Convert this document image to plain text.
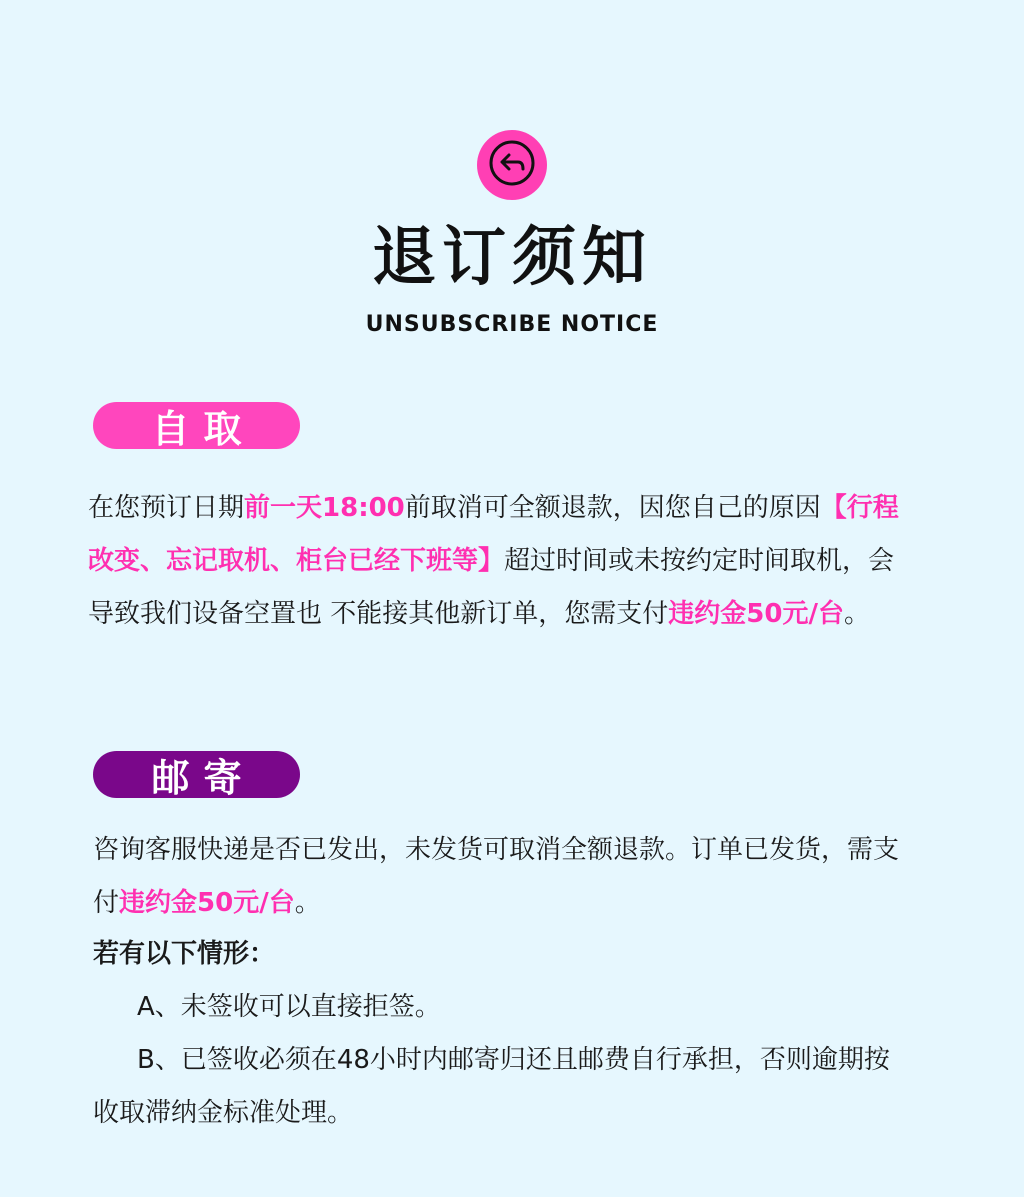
退订须知
UNSUBSCRIBE NOTICE
自取

在您预订日期前一天18:00前取消可全额退款，因您自己的原因【行程改变、忘记取机、柜台已经下班等】超过时间或未按约定时间取机，会导致我们设备空置也 不能接其他新订单，您需支付违约金50元/台。

邮寄

咨询客服快递是否已发出，未发货可取消全额退款。订单已发货，需支付违约金50元/台。

若有以下情形：

A、未签收可以直接拒签。

B、已签收必须在48小时内邮寄归还且邮费自行承担，否则逾期按收取滞纳金标准处理。
